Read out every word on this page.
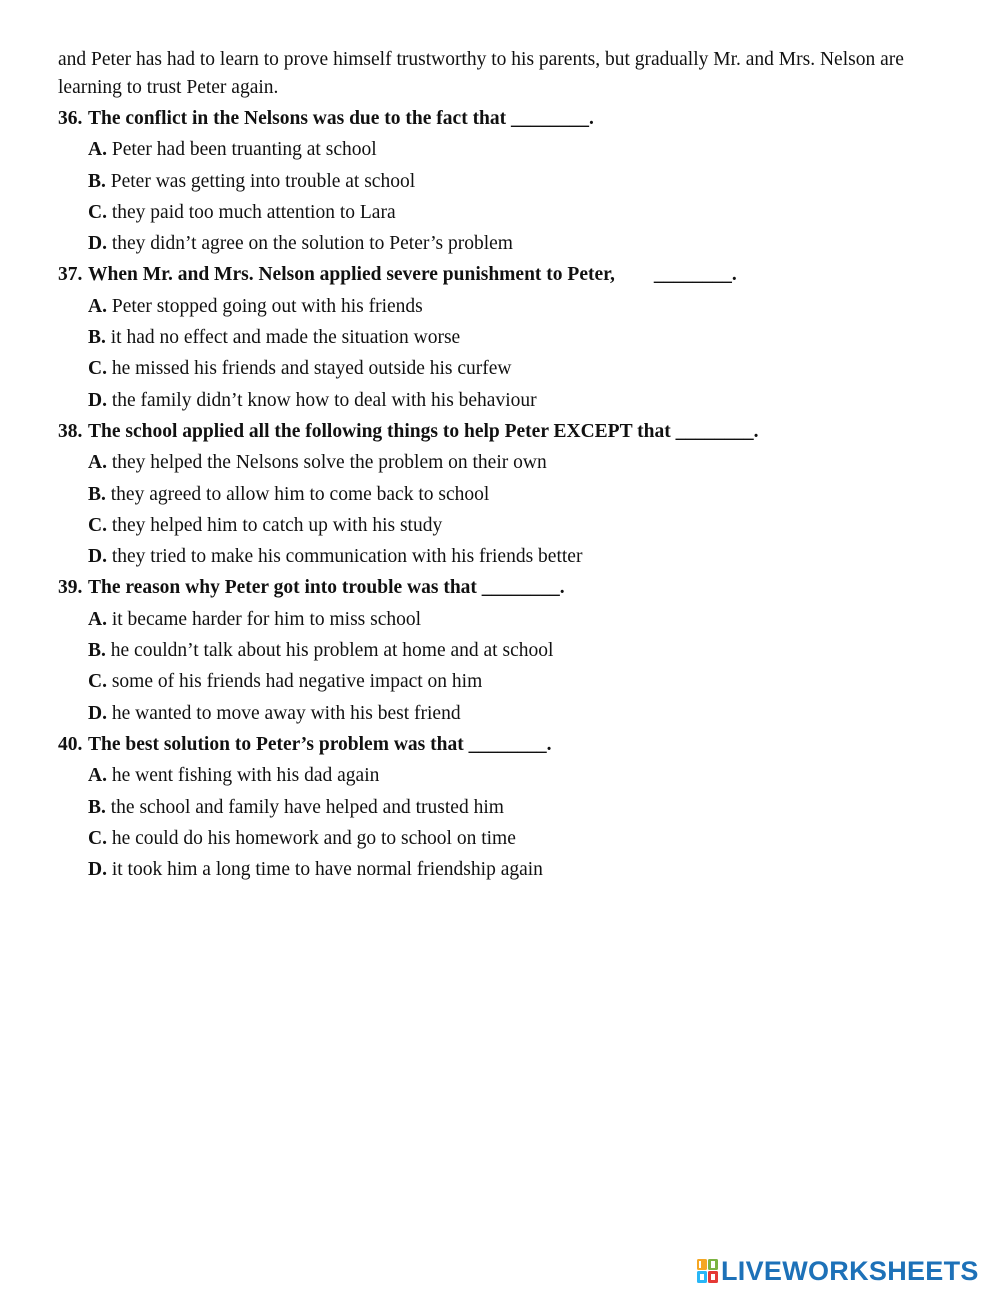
and Peter has had to learn to prove himself trustworthy to his parents, but gradually Mr. and Mrs. Nelson are learning to trust Peter again.

36. The conflict in the Nelsons was due to the fact that ________.
A. Peter had been truanting at school
B. Peter was getting into trouble at school
C. they paid too much attention to Lara
D. they didn’t agree on the solution to Peter’s problem
37. When Mr. and Mrs. Nelson applied severe punishment to Peter,        ________.
A. Peter stopped going out with his friends
B. it had no effect and made the situation worse
C. he missed his friends and stayed outside his curfew
D. the family didn’t know how to deal with his behaviour
38. The school applied all the following things to help Peter EXCEPT that ________.
A. they helped the Nelsons solve the problem on their own
B. they agreed to allow him to come back to school
C. they helped him to catch up with his study
D. they tried to make his communication with his friends better
39. The reason why Peter got into trouble was that ________.
A. it became harder for him to miss school
B. he couldn’t talk about his problem at home and at school
C. some of his friends had negative impact on him
D. he wanted to move away with his best friend
40. The best solution to Peter’s problem was that ________.
A. he went fishing with his dad again
B. the school and family have helped and trusted him
C. he could do his homework and go to school on time
D. it took him a long time to have normal friendship again
LIVEWORKSHEETS
